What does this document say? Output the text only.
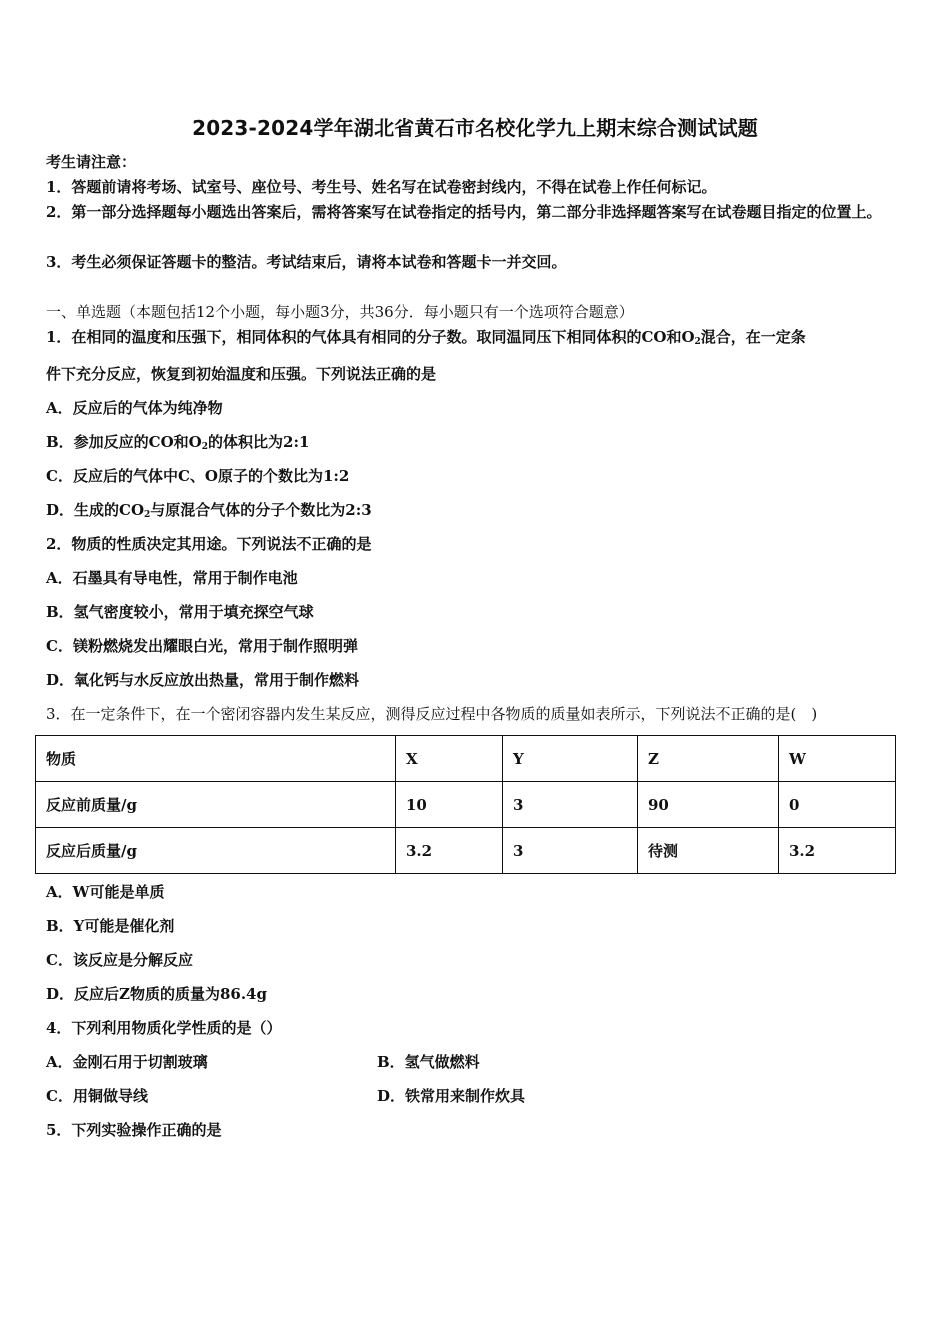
2023-2024学年湖北省黄石市名校化学九上期末综合测试试题
考生请注意：
1．答题前请将考场、试室号、座位号、考生号、姓名写在试卷密封线内，不得在试卷上作任何标记。
2．第一部分选择题每小题选出答案后，需将答案写在试卷指定的括号内，第二部分非选择题答案写在试卷题目指定的位置上。
3．考生必须保证答题卡的整洁。考试结束后，请将本试卷和答题卡一并交回。
一、单选题（本题包括12个小题，每小题3分，共36分．每小题只有一个选项符合题意）
1．在相同的温度和压强下，相同体积的气体具有相同的分子数。取同温同压下相同体积的CO和$O_2$混合，在一定条
件下充分反应，恢复到初始温度和压强。下列说法正确的是
A．反应后的气体为纯净物
B．参加反应的CO和$O_2$的体积比为2:1
C．反应后的气体中C、O原子的个数比为1:2
D．生成的$CO_2$与原混合气体的分子个数比为2:3
2．物质的性质决定其用途。下列说法不正确的是
A．石墨具有导电性，常用于制作电池
B．氢气密度较小，常用于填充探空气球
C．镁粉燃烧发出耀眼白光，常用于制作照明弹
D．氧化钙与水反应放出热量，常用于制作燃料
3．在一定条件下，在一个密闭容器内发生某反应，测得反应过程中各物质的质量如表所示，下列说法不正确的是(　)
物质	X	Y	Z	W
反应前质量/g	10	3	90	0
反应后质量/g	3.2	3	待测	3.2
A．W可能是单质
B．Y可能是催化剂
C．该反应是分解反应
D．反应后Z物质的质量为86.4g
4．下列利用物质化学性质的是（）
A．金刚石用于切割玻璃	B．氢气做燃料
C．用铜做导线	D．铁常用来制作炊具
5．下列实验操作正确的是
